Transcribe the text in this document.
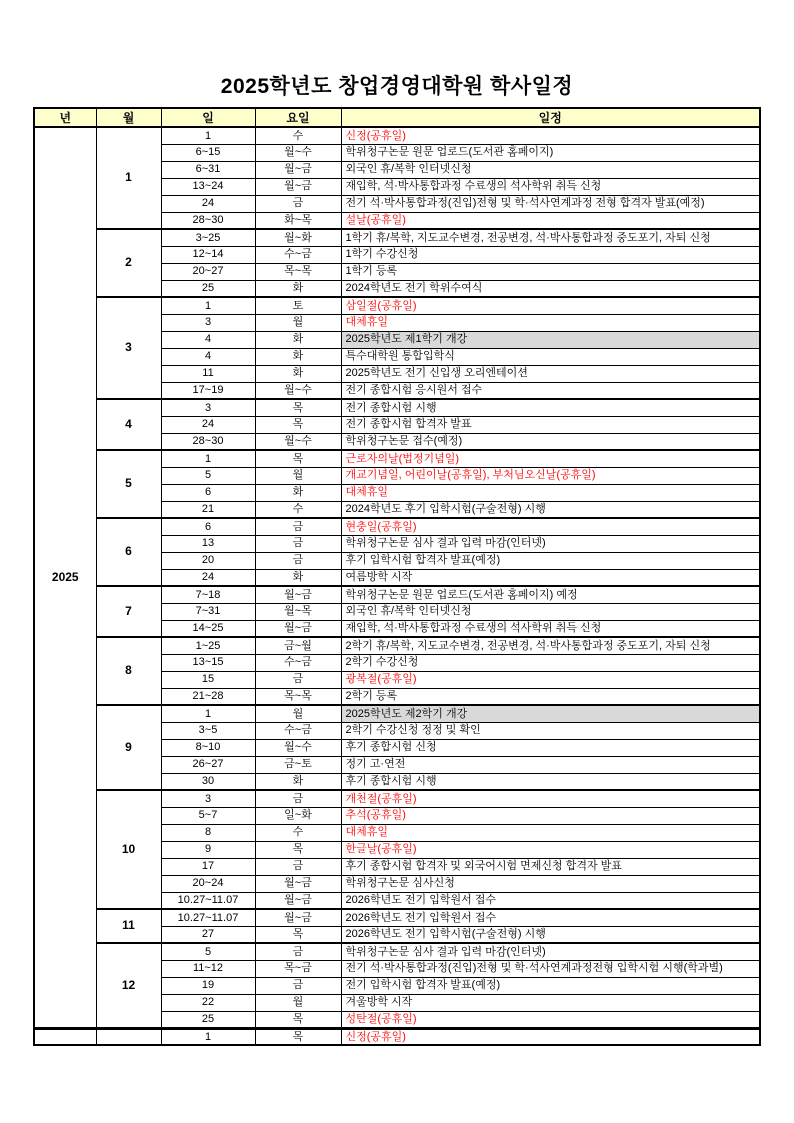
2025학년도 창업경영대학원 학사일정
년	월	일	요일	일정
2025	1	1	수	신정(공휴일)
		6~15	월~수	학위청구논문 원문 업로드(도서관 홈페이지)
		6~31	월~금	외국인 휴/복학 인터넷신청
		13~24	월~금	재입학, 석·박사통합과정 수료생의 석사학위 취득 신청
		24	금	전기 석·박사통합과정(진입)전형 및 학·석사연계과정 전형 합격자 발표(예정)
		28~30	화~목	설날(공휴일)
	2	3~25	월~화	1학기 휴/복학, 지도교수변경, 전공변경, 석·박사통합과정 중도포기, 자퇴 신청
		12~14	수~금	1학기 수강신청
		20~27	목~목	1학기 등록
		25	화	2024학년도 전기 학위수여식
	3	1	토	삼일절(공휴일)
		3	월	대체휴일
		4	화	2025학년도 제1학기 개강
		4	화	특수대학원 통합입학식
		11	화	2025학년도 전기 신입생 오리엔테이션
		17~19	월~수	전기 종합시험 응시원서 접수
	4	3	목	전기 종합시험 시행
		24	목	전기 종합시험 합격자 발표
		28~30	월~수	학위청구논문 접수(예정)
	5	1	목	근로자의날(법정기념일)
		5	월	개교기념일, 어린이날(공휴일), 부처님오신날(공휴일)
		6	화	대체휴일
		21	수	2024학년도 후기 입학시험(구술전형) 시행
	6	6	금	현충일(공휴일)
		13	금	학위청구논문 심사 결과 입력 마감(인터넷)
		20	금	후기 입학시험 합격자 발표(예정)
		24	화	여름방학 시작
	7	7~18	월~금	학위청구논문 원문 업로드(도서관 홈페이지) 예정
		7~31	월~목	외국인 휴/복학 인터넷신청
		14~25	월~금	재입학, 석·박사통합과정 수료생의 석사학위 취득 신청
	8	1~25	금~월	2학기 휴/복학, 지도교수변경, 전공변경, 석·박사통합과정 중도포기, 자퇴 신청
		13~15	수~금	2학기 수강신청
		15	금	광복절(공휴일)
		21~28	목~목	2학기 등록
	9	1	월	2025학년도 제2학기 개강
		3~5	수~금	2학기 수강신청 정정 및 확인
		8~10	월~수	후기 종합시험 신청
		26~27	금~토	정기 고·연전
		30	화	후기 종합시험 시행
	10	3	금	개천절(공휴일)
		5~7	일~화	추석(공휴일)
		8	수	대체휴일
		9	목	한글날(공휴일)
		17	금	후기 종합시험 합격자 및 외국어시험 면제신청 합격자 발표
		20~24	월~금	학위청구논문 심사신청
		10.27~11.07	월~금	2026학년도 전기 입학원서 접수
	11	10.27~11.07	월~금	2026학년도 전기 입학원서 접수
		27	목	2026학년도 전기 입학시험(구술전형) 시행
	12	5	금	학위청구논문 심사 결과 입력 마감(인터넷)
		11~12	목~금	전기 석·박사통합과정(진입)전형 및 학·석사연계과정전형 입학시험 시행(학과별)
		19	금	전기 입학시험 합격자 발표(예정)
		22	월	겨울방학 시작
		25	목	성탄절(공휴일)
		1	목	신정(공휴일)
